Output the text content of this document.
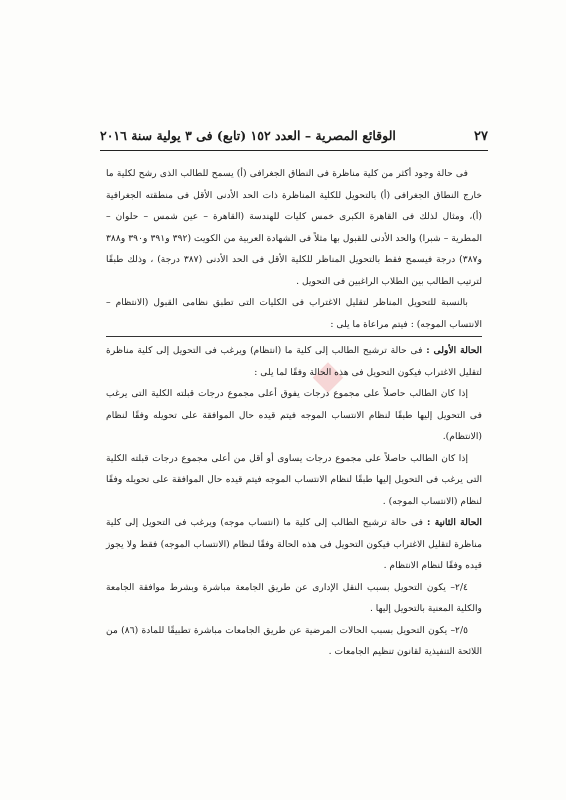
◆
الوقائع المصرية – العدد ١٥٢ (تابع) فى ٣ يولية سنة ٢٠١٦	٢٧

فى حالة وجود أكثر من كلية مناظرة فى النطاق الجغرافى (أ) يسمح للطالب الذى رشح لكلية ما خارج النطاق الجغرافى (أ) بالتحويل للكلية المناظرة ذات الحد الأدنى الأقل فى منطقته الجغرافية (أ)، ومثال لذلك فى القاهرة الكبرى خمس كليات للهندسة (القاهرة – عين شمس – حلوان – المطرية – شبرا) والحد الأدنى للقبول بها مثلاً فى الشهادة العربية من الكويت (٣٩٢ و٣٩١ و٣٩٠ و٣٨٨ و٣٨٧) درجة فيسمح فقط بالتحويل المناظر للكلية الأقل فى الحد الأدنى (٣٨٧ درجة) ، وذلك طبقًا لترتيب الطالب بين الطلاب الراغبين فى التحويل .

بالنسبة للتحويل المناظر لتقليل الاغتراب فى الكليات التى تطبق نظامى القبول (الانتظام – الانتساب الموجه) : فيتم مراعاة ما يلى :

الحالة الأولى : فى حالة ترشيح الطالب إلى كلية ما (انتظام) ويرغب فى التحويل إلى كلية مناظرة لتقليل الاغتراب فيكون التحويل فى هذه الحالة وفقًا لما يلى :

إذا كان الطالب حاصلاً على مجموع درجات يفوق أعلى مجموع درجات قبلته الكلية التى يرغب فى التحويل إليها طبقًا لنظام الانتساب الموجه فيتم قيده حال الموافقة على تحويله وفقًا لنظام (الانتظام).

إذا كان الطالب حاصلاً على مجموع درجات يساوى أو أقل من أعلى مجموع درجات قبلته الكلية التى يرغب فى التحويل إليها طبقًا لنظام الانتساب الموجه فيتم قيده حال الموافقة على تحويله وفقًا لنظام (الانتساب الموجه) .

الحالة الثانية : فى حالة ترشيح الطالب إلى كلية ما (انتساب موجه) ويرغب فى التحويل إلى كلية مناظرة لتقليل الاغتراب فيكون التحويل فى هذه الحالة وفقًا لنظام (الانتساب الموجه) فقط ولا يجوز قيده وفقًا لنظام الانتظام .

٢/٤– يكون التحويل بسبب النقل الإدارى عن طريق الجامعة مباشرة وبشرط موافقة الجامعة والكلية المعنية بالتحويل إليها .

٢/٥– يكون التحويل بسبب الحالات المرضية عن طريق الجامعات مباشرة تطبيقًا للمادة (٨٦) من اللائحة التنفيذية لقانون تنظيم الجامعات .
